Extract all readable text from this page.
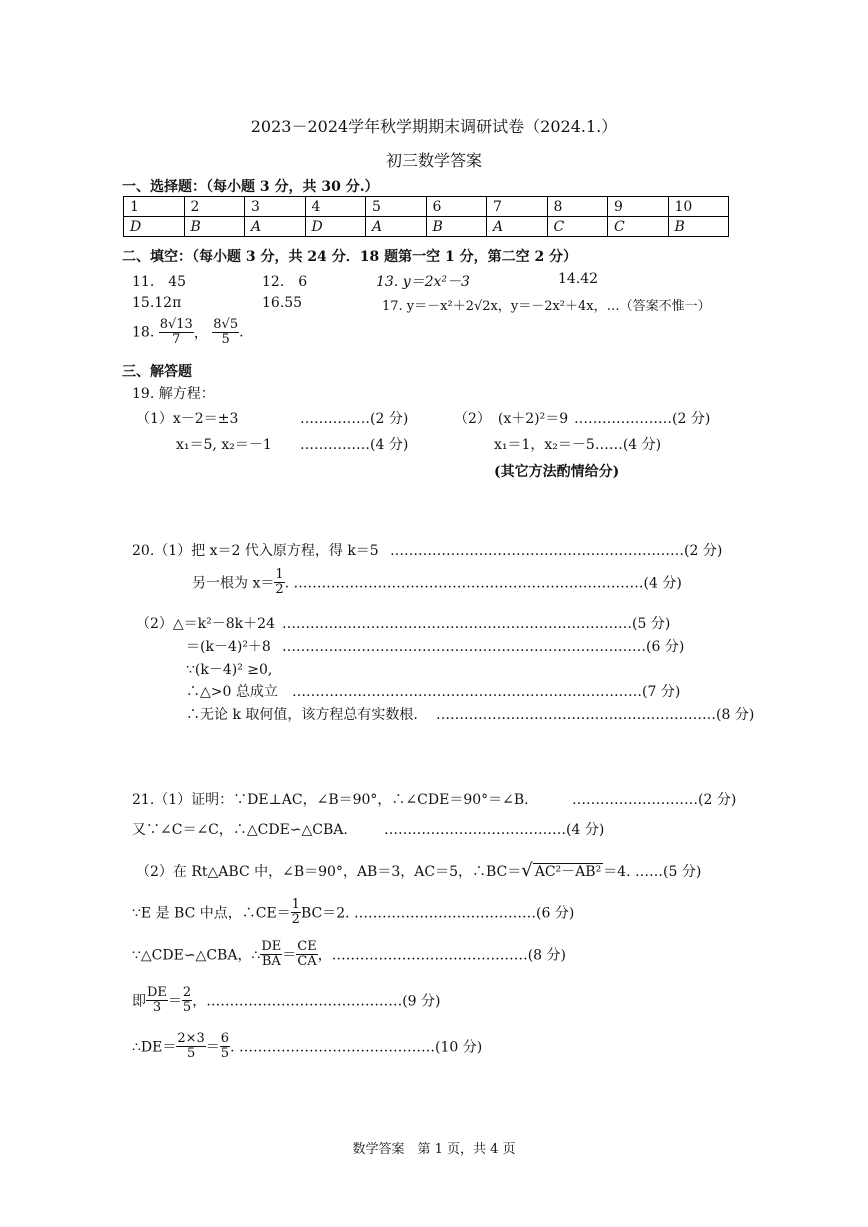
2023－2024学年秋学期期末调研试卷（2024.1.）
初三数学答案
一、选择题：（每小题 3 分，共 30 分.）
1	2	3	4	5	6	7	8	9	10
D	B	A	D	A	B	A	C	C	B
二、填空：（每小题 3 分，共 24 分．18 题第一空 1 分，第二空 2 分）
11.　45	12.　6	13. y＝2x²－3	14.42
15.12π	16.55	17. y＝－x²＋2√2x，y＝－2x²＋4x，…（答案不惟一）
18. $\frac{8√13}{7}$ ， $\frac{8√5}{5}$ .
三、解答题
19. 解方程：
（1）x－2＝±3	……………(2 分)
x₁＝5, x₂＝－1 ……………(4 分)
（2）　(x＋2)²＝9 …………………(2 分)
x₁＝1，x₂＝－5……(4 分)
(其它方法酌情给分)
20.（1）把 x＝2 代入原方程，得 k＝5 ………………………………………………………(2 分)
另一根为 $x= \frac{1}{2}$ . …………………………………………………………………(4 分)
（2）△＝k²－8k＋24 …………………………………………………………………(5 分)
＝(k－4)²＋8 ……………………………………………………………………(6 分)
∵(k－4)² ≥0,
∴△>0 总成立 …………………………………………………………………(7 分)
∴无论 k 取何值，该方程总有实数根. ……………………………………………………(8 分)
21.（1）证明：∵DE⊥AC，∠B＝90°，∴∠CDE＝90°＝∠B.	………………………(2 分)
又∵∠C＝∠C，∴△CDE∽△CBA.	…………………………………(4 分)
（2）在 Rt△ABC 中，∠B＝90°，AB＝3，AC＝5，∴BC＝√ AC²－AB² ＝4. ……(5 分)
∵E 是 BC 中点，∴CE＝ $\frac{1}{2} BC=2$. …………………………………(6 分)
∵△CDE∽△CBA，∴ $\frac{DE}{BA} = \frac{CE}{CA}$ ，……………………………………(8 分)
即 $\frac{DE}{3} = \frac{2}{5}$ ，……………………………………(9 分)
∴DE＝ $\frac{2\times 3}{5} = \frac{6}{5}$ . ……………………………………(10 分)
数学答案　第 1 页，共 4 页
